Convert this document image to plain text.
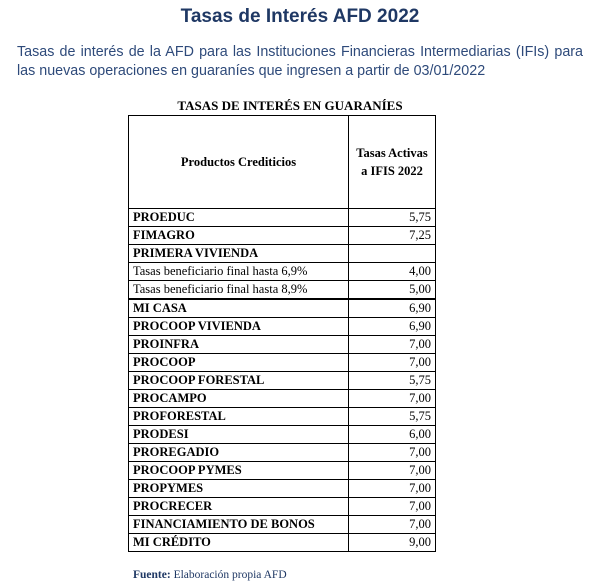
Tasas de Interés AFD 2022
Tasas de interés de la AFD para las Instituciones Financieras Intermediarias (IFIs) para las nuevas operaciones en guaraníes que ingresen a partir de 03/01/2022
TASAS DE INTERÉS EN GUARANÍES
Productos Crediticios	Tasas Activas
a IFIS 2022
PROEDUC	5,75
FIMAGRO	7,25
PRIMERA VIVIENDA	
Tasas beneficiario final hasta 6,9%	4,00
Tasas beneficiario final hasta 8,9%	5,00
MI CASA	6,90
PROCOOP VIVIENDA	6,90
PROINFRA	7,00
PROCOOP	7,00
PROCOOP FORESTAL	5,75
PROCAMPO	7,00
PROFORESTAL	5,75
PRODESI	6,00
PROREGADIO	7,00
PROCOOP PYMES	7,00
PROPYMES	7,00
PROCRECER	7,00
FINANCIAMIENTO DE BONOS	7,00
MI CRÉDITO	9,00
Fuente: Elaboración propia AFD
